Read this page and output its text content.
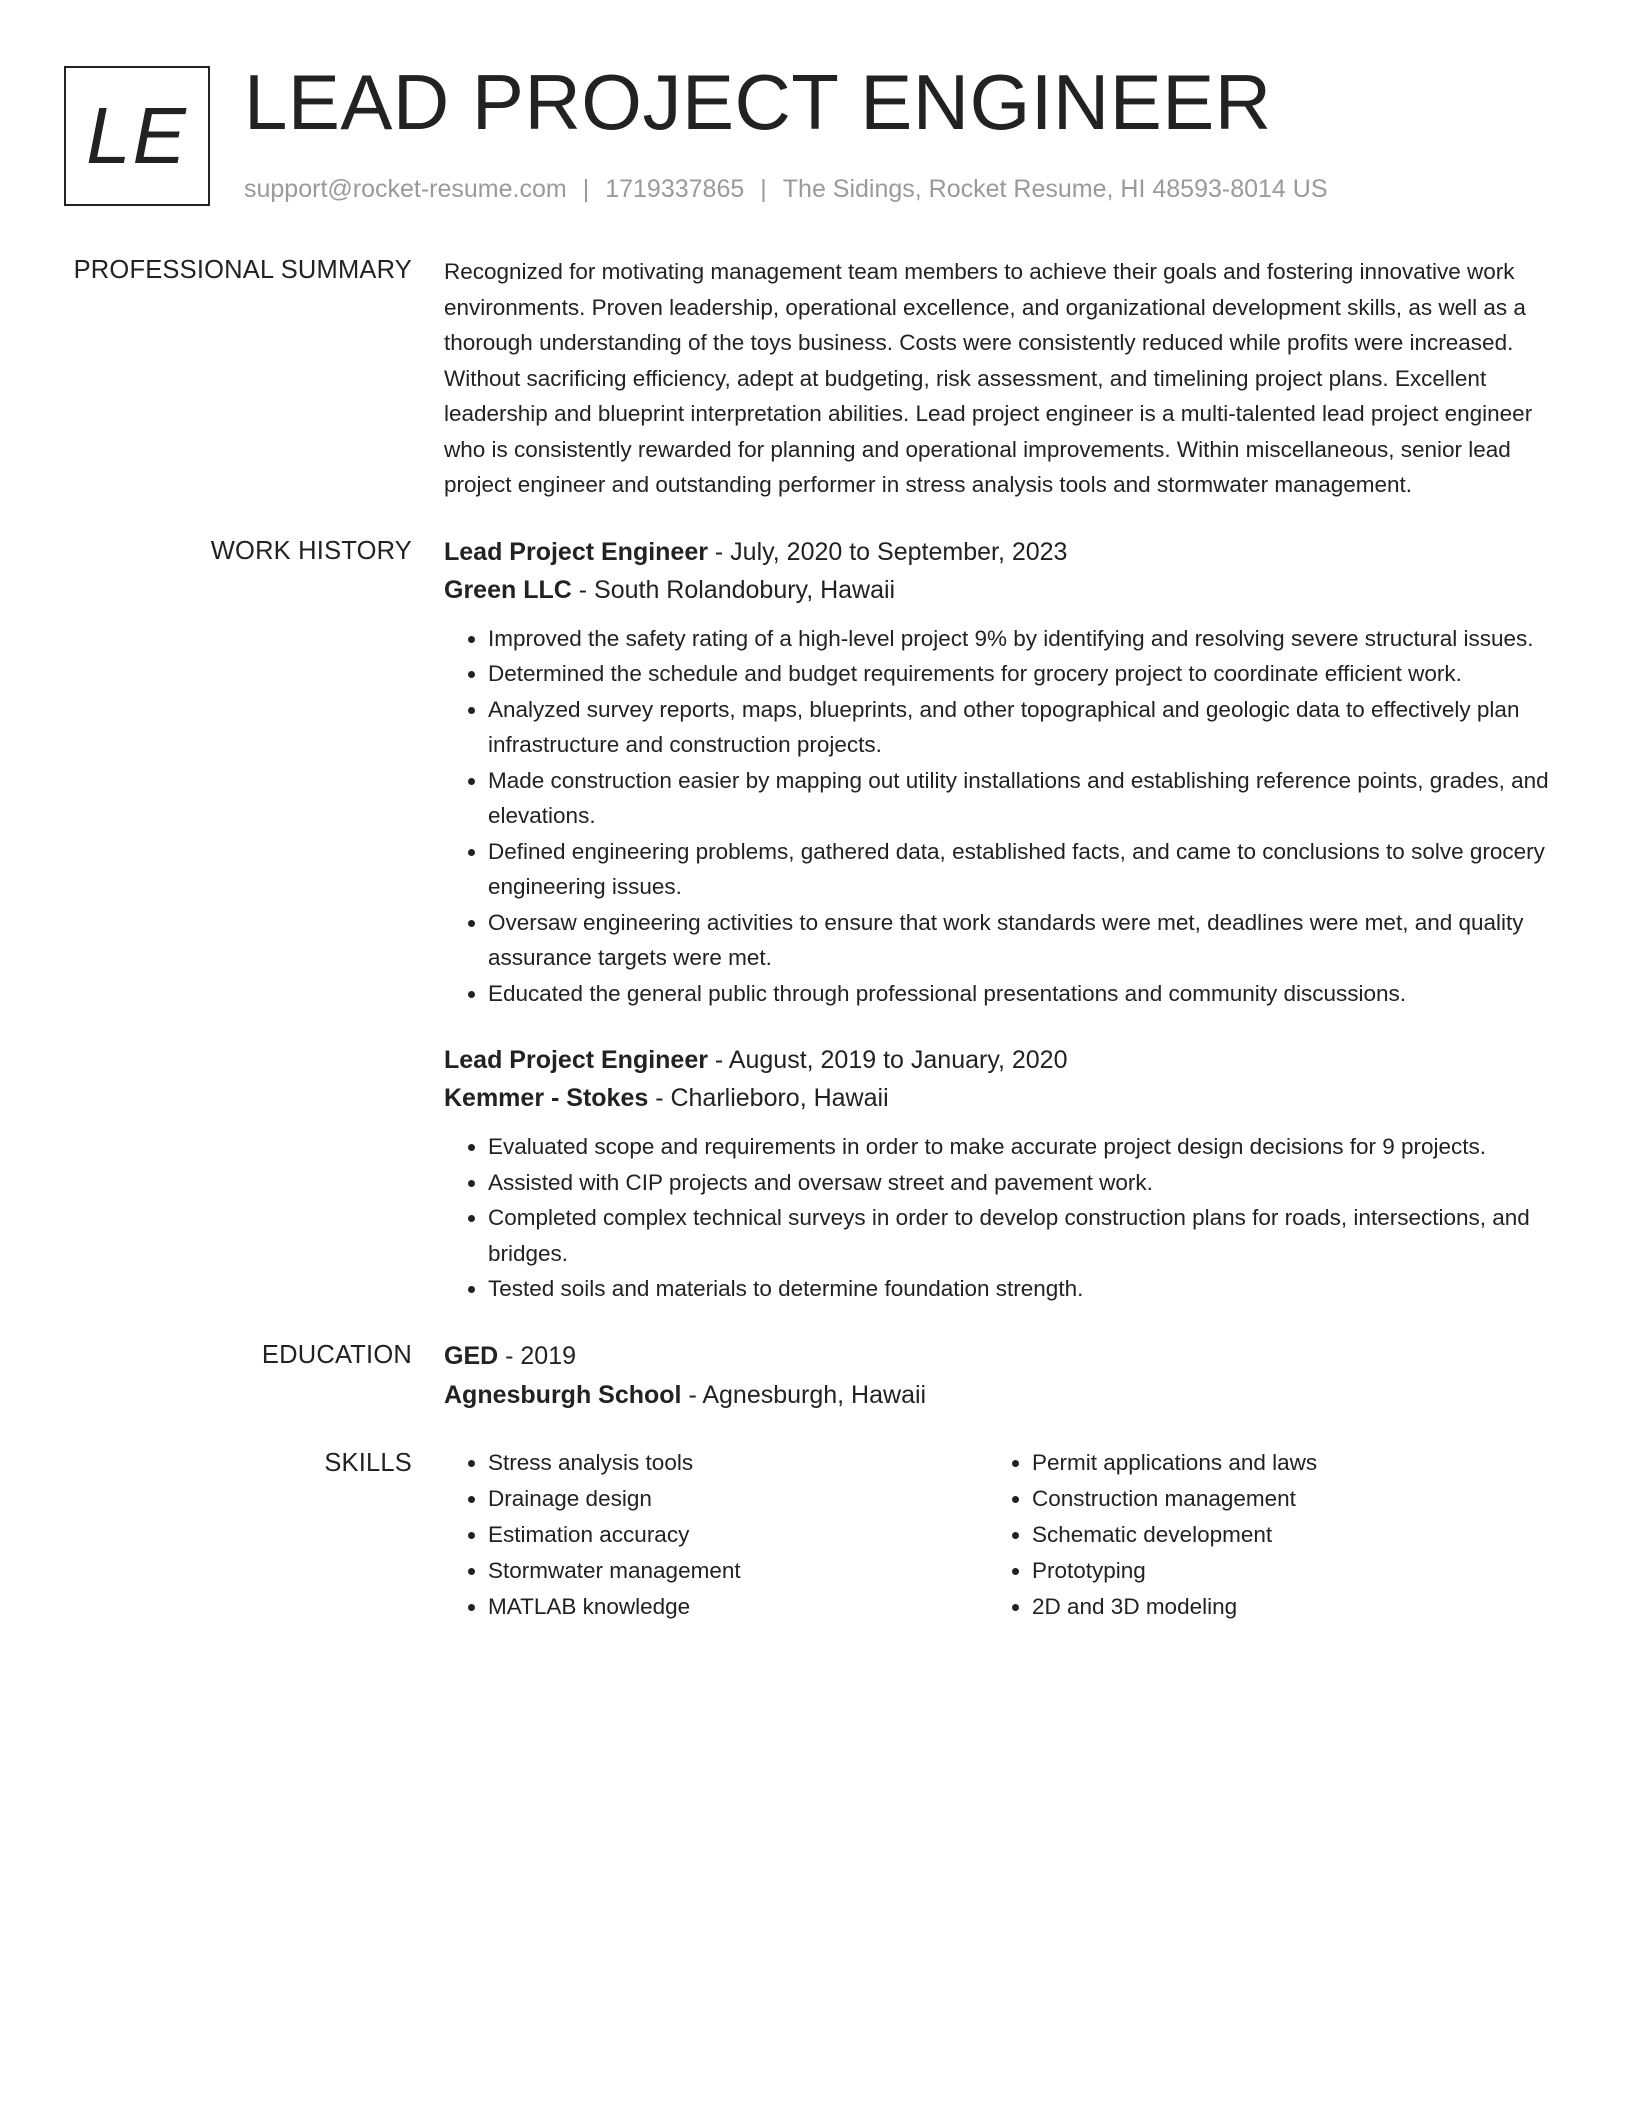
LE LEAD PROJECT ENGINEER
support@rocket-resume.com | 1719337865 | The Sidings, Rocket Resume, HI 48593-8014 US
PROFESSIONAL SUMMARY Recognized for motivating management team members to achieve their goals and fostering innovative work environments. Proven leadership, operational excellence, and organizational development skills, as well as a thorough understanding of the toys business. Costs were consistently reduced while profits were increased. Without sacrificing efficiency, adept at budgeting, risk assessment, and timelining project plans. Excellent leadership and blueprint interpretation abilities. Lead project engineer is a multi-talented lead project engineer who is consistently rewarded for planning and operational improvements. Within miscellaneous, senior lead project engineer and outstanding performer in stress analysis tools and stormwater management.

WORK HISTORY Lead Project Engineer - July, 2020 to September, 2023
Green LLC - South Rolandobury, Hawaii
• Improved the safety rating of a high-level project 9% by identifying and resolving severe structural issues.
• Determined the schedule and budget requirements for grocery project to coordinate efficient work.
• Analyzed survey reports, maps, blueprints, and other topographical and geologic data to effectively plan infrastructure and construction projects.
• Made construction easier by mapping out utility installations and establishing reference points, grades, and elevations.
• Defined engineering problems, gathered data, established facts, and came to conclusions to solve grocery engineering issues.
• Oversaw engineering activities to ensure that work standards were met, deadlines were met, and quality assurance targets were met.
• Educated the general public through professional presentations and community discussions.
Lead Project Engineer - August, 2019 to January, 2020
Kemmer - Stokes - Charlieboro, Hawaii
• Evaluated scope and requirements in order to make accurate project design decisions for 9 projects.
• Assisted with CIP projects and oversaw street and pavement work.
• Completed complex technical surveys in order to develop construction plans for roads, intersections, and bridges.
• Tested soils and materials to determine foundation strength.
EDUCATION GED - 2019
Agnesburgh School - Agnesburgh, Hawaii
SKILLS
•	Stress analysis tools
• Drainage design
• Estimation accuracy
• Stormwater management
• MATLAB knowledge
• Permit applications and laws
• Construction management
• Schematic development
• Prototyping
• 2D and 3D modeling
